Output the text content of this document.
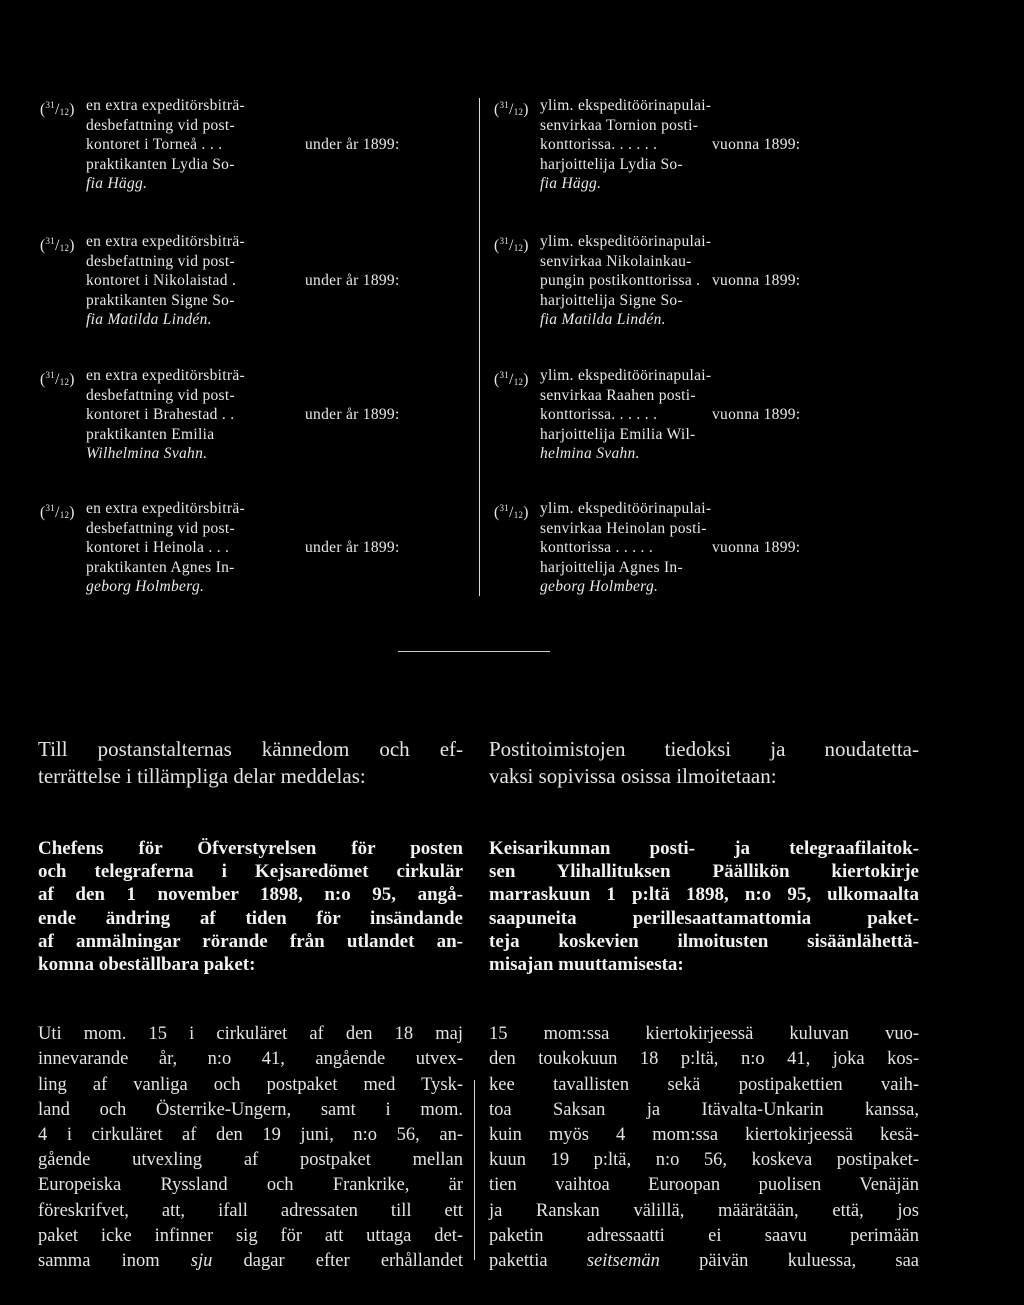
$(^{31}/_{12})$ en extra expeditörsbiträ-
desbefattning vid post-
kontoret i Torneå . . .
praktikanten Lydia So-
fia Hägg.
under år 1899:
$(^{31}/_{12})$ en extra expeditörsbiträ-
desbefattning vid post-
kontoret i Nikolaistad .
praktikanten Signe So-
fia Matilda Lindén.
under år 1899:
$(^{31}/_{12})$ en extra expeditörsbiträ-
desbefattning vid post-
kontoret i Brahestad . .
praktikanten Emilia
Wilhelmina Svahn.
under år 1899:
$(^{31}/_{12})$ en extra expeditörsbiträ-
desbefattning vid post-
kontoret i Heinola . . .
praktikanten Agnes In-
geborg Holmberg.
under år 1899:
$(^{31}/_{12})$ ylim. ekspeditöörinapulai-
senvirkaa Tornion posti-
konttorissa. . . . . .
harjoittelija Lydia So-
fia Hägg.
vuonna 1899:
$(^{31}/_{12})$ ylim. ekspeditöörinapulai-
senvirkaa Nikolainkau-
pungin postikonttorissa .
harjoittelija Signe So-
fia Matilda Lindén.
vuonna 1899:
$(^{31}/_{12})$ ylim. ekspeditöörinapulai-
senvirkaa Raahen posti-
konttorissa. . . . . .
harjoittelija Emilia Wil-
helmina Svahn.
vuonna 1899:
$(^{31}/_{12})$ ylim. ekspeditöörinapulai-
senvirkaa Heinolan posti-
konttorissa . . . . .
harjoittelija Agnes In-
geborg Holmberg.
vuonna 1899:
Till postanstalternas kännedom och ef-
terrättelse i tillämpliga delar meddelas:
Chefens för Öfverstyrelsen för posten
och telegraferna i Kejsaredömet cirkulär
af den 1 november 1898, n:o 95, angå-
ende ändring af tiden för insändande
af anmälningar rörande från utlandet an-
komna obeställbara paket:
Uti mom. 15 i cirkuläret af den 18 maj
innevarande år, n:o 41, angående utvex-
ling af vanliga och postpaket med Tysk-
land och Österrike-Ungern, samt i mom.
4 i cirkuläret af den 19 juni, n:o 56, an-
gående utvexling af postpaket mellan
Europeiska Ryssland och Frankrike, är
föreskrifvet, att, ifall adressaten till ett
paket icke infinner sig för att uttaga det-
samma inom sju dagar efter erhållandet
Postitoimistojen tiedoksi ja noudatetta-
vaksi sopivissa osissa ilmoitetaan:
Keisarikunnan posti- ja telegraafilaitok-
sen Ylihallituksen Päällikön kiertokirje
marraskuun 1 p:ltä 1898, n:o 95, ulkomaalta
saapuneita perillesaattamattomia paket-
teja koskevien ilmoitusten sisäänlähettä-
misajan muuttamisesta:
15 mom:ssa kiertokirjeessä kuluvan vuo-
den toukokuun 18 p:ltä, n:o 41, joka kos-
kee tavallisten sekä postipakettien vaih-
toa Saksan ja Itävalta-Unkarin kanssa,
kuin myös 4 mom:ssa kiertokirjeessä kesä-
kuun 19 p:ltä, n:o 56, koskeva postipaket-
tien vaihtoa Euroopan puolisen Venäjän
ja Ranskan välillä, määrätään, että, jos
paketin adressaatti ei saavu perimään
pakettia seitsemän päivän kuluessa, saa
